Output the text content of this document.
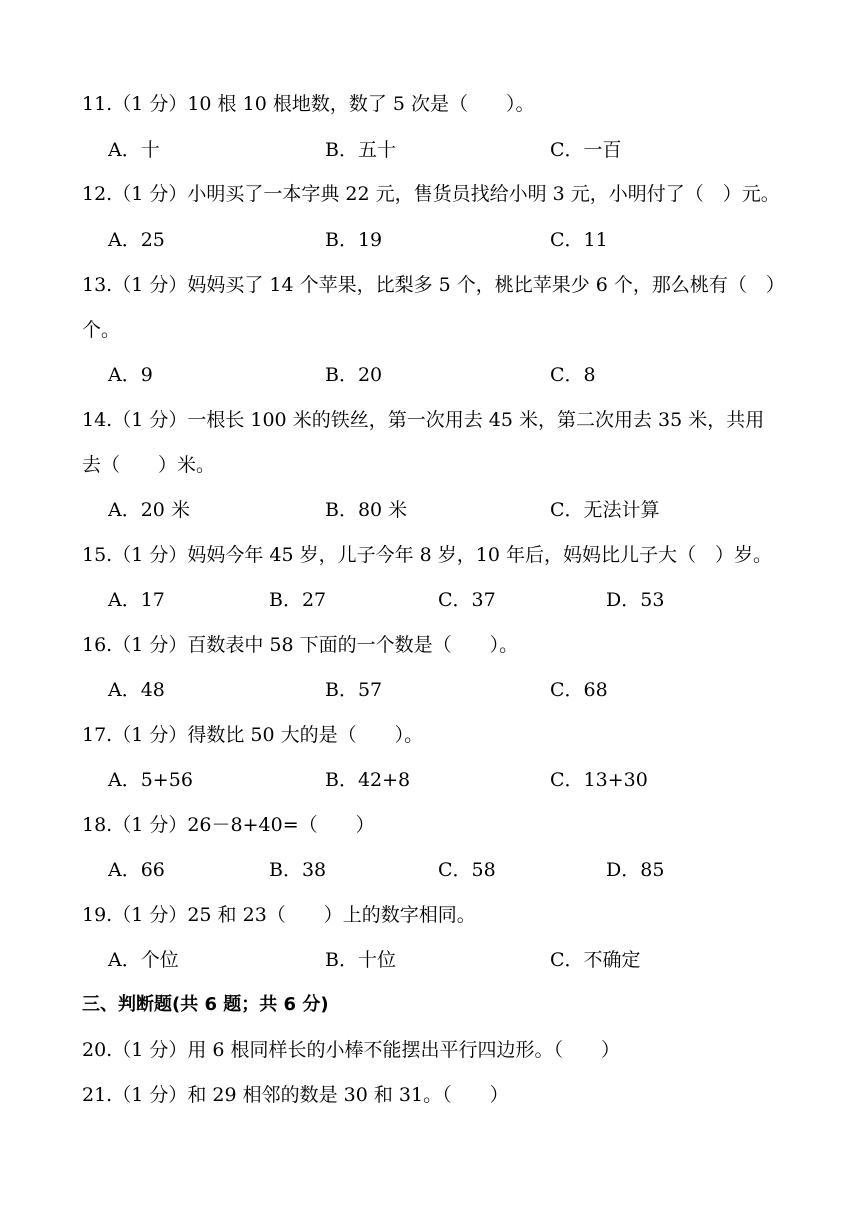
11.（1 分）10 根 10 根地数，数了 5 次是（　　）。
A．十	B．五十	C．一百
12.（1 分）小明买了一本字典 22 元，售货员找给小明 3 元，小明付了（　）元。
A．25	B．19	C．11
13.（1 分）妈妈买了 14 个苹果，比梨多 5 个，桃比苹果少 6 个，那么桃有（　）
个。
A．9	B．20	C．8
14.（1 分）一根长 100 米的铁丝，第一次用去 45 米，第二次用去 35 米，共用
去（　　）米。
A．20 米	B．80 米	C．无法计算
15.（1 分）妈妈今年 45 岁，儿子今年 8 岁，10 年后，妈妈比儿子大（　）岁。
A．17	B．27	C．37	D．53
16.（1 分）百数表中 58 下面的一个数是（　　）。
A．48	B．57	C．68
17.（1 分）得数比 50 大的是（　　）。
A．5+56	B．42+8	C．13+30
18.（1 分）26－8+40=（　　）
A．66	B．38	C．58	D．85
19.（1 分）25 和 23（　　）上的数字相同。
A．个位	B．十位	C．不确定
三、判断题(共 6 题；共 6 分)
20.（1 分）用 6 根同样长的小棒不能摆出平行四边形。（　　）
21.（1 分）和 29 相邻的数是 30 和 31。（　　）
